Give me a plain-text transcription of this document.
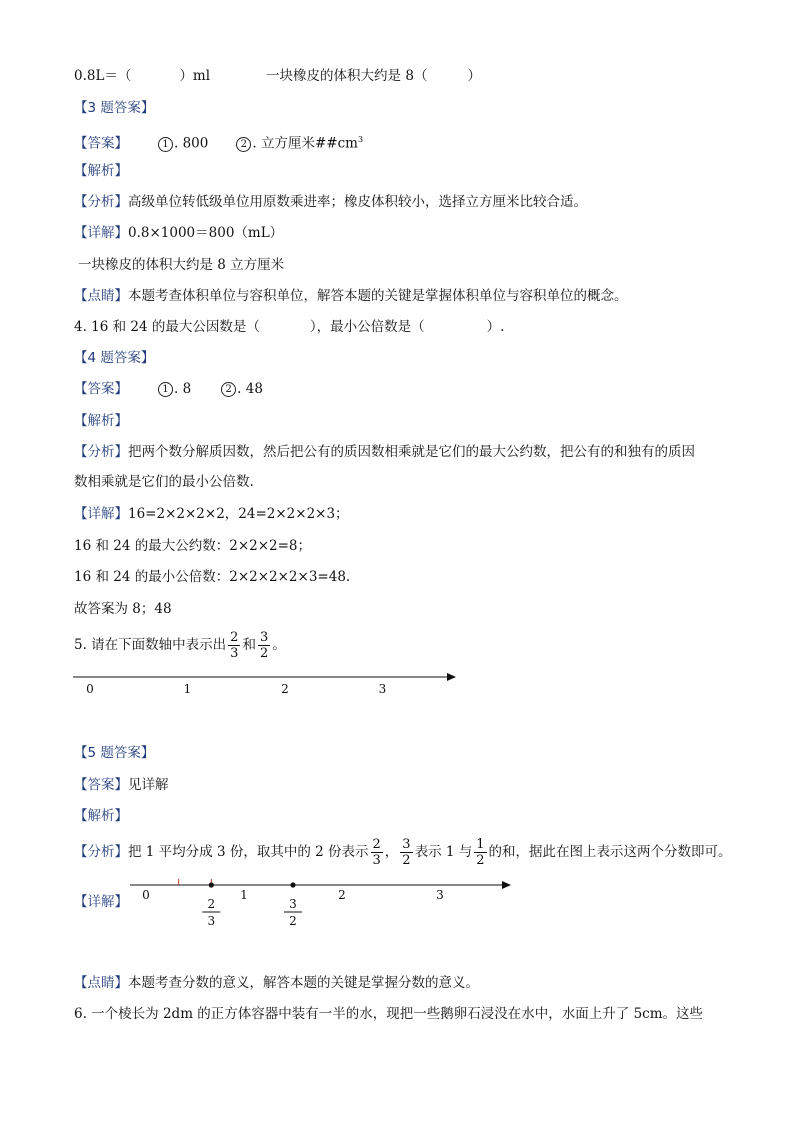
0.8L＝（	）ml	一块橡皮的体积大约是 8（	）
【3 题答案】
【答案】	1 . 800	2 . 立方厘米$\#\#cm^3$
【解析】
【分析】高级单位转低级单位用原数乘进率；橡皮体积较小，选择立方厘米比较合适。
【详解】0.8×1000＝800（mL）
一块橡皮的体积大约是 8 立方厘米
【点睛】本题考查体积单位与容积单位，解答本题的关键是掌握体积单位与容积单位的概念。
4. 16 和 24 的最大公因数是（	），最小公倍数是（	）.
【4 题答案】
【答案】	1 . 8	2 . 48
【解析】
【分析】把两个数分解质因数，然后把公有的质因数相乘就是它们的最大公约数，把公有的和独有的质因
数相乘就是它们的最小公倍数.
【详解】16=2×2×2×2，24=2×2×2×3；
16 和 24 的最大公约数：2×2×2=8；
16 和 24 的最小公倍数：2×2×2×2×3=48.
故答案为 8；48
5. 请在下面数轴中表示出 $\frac{2}{3}$ 和 $\frac{3}{2}$ 。
0	1	2	3
【5 题答案】
【答案】见详解
【解析】
【分析】把 1 平均分成 3 份，取其中的 2 份表示 $\frac{2}{3}$ ， $\frac{3}{2}$ 表示 1 与 $\frac{1}{2}$ 的和，据此在图上表示这两个分数即可。
【详解】 0	1	2	3
2
3
3
2
【点睛】本题考查分数的意义，解答本题的关键是掌握分数的意义。
6. 一个棱长为 2dm 的正方体容器中装有一半的水，现把一些鹅卵石浸没在水中，水面上升了 5cm。这些
